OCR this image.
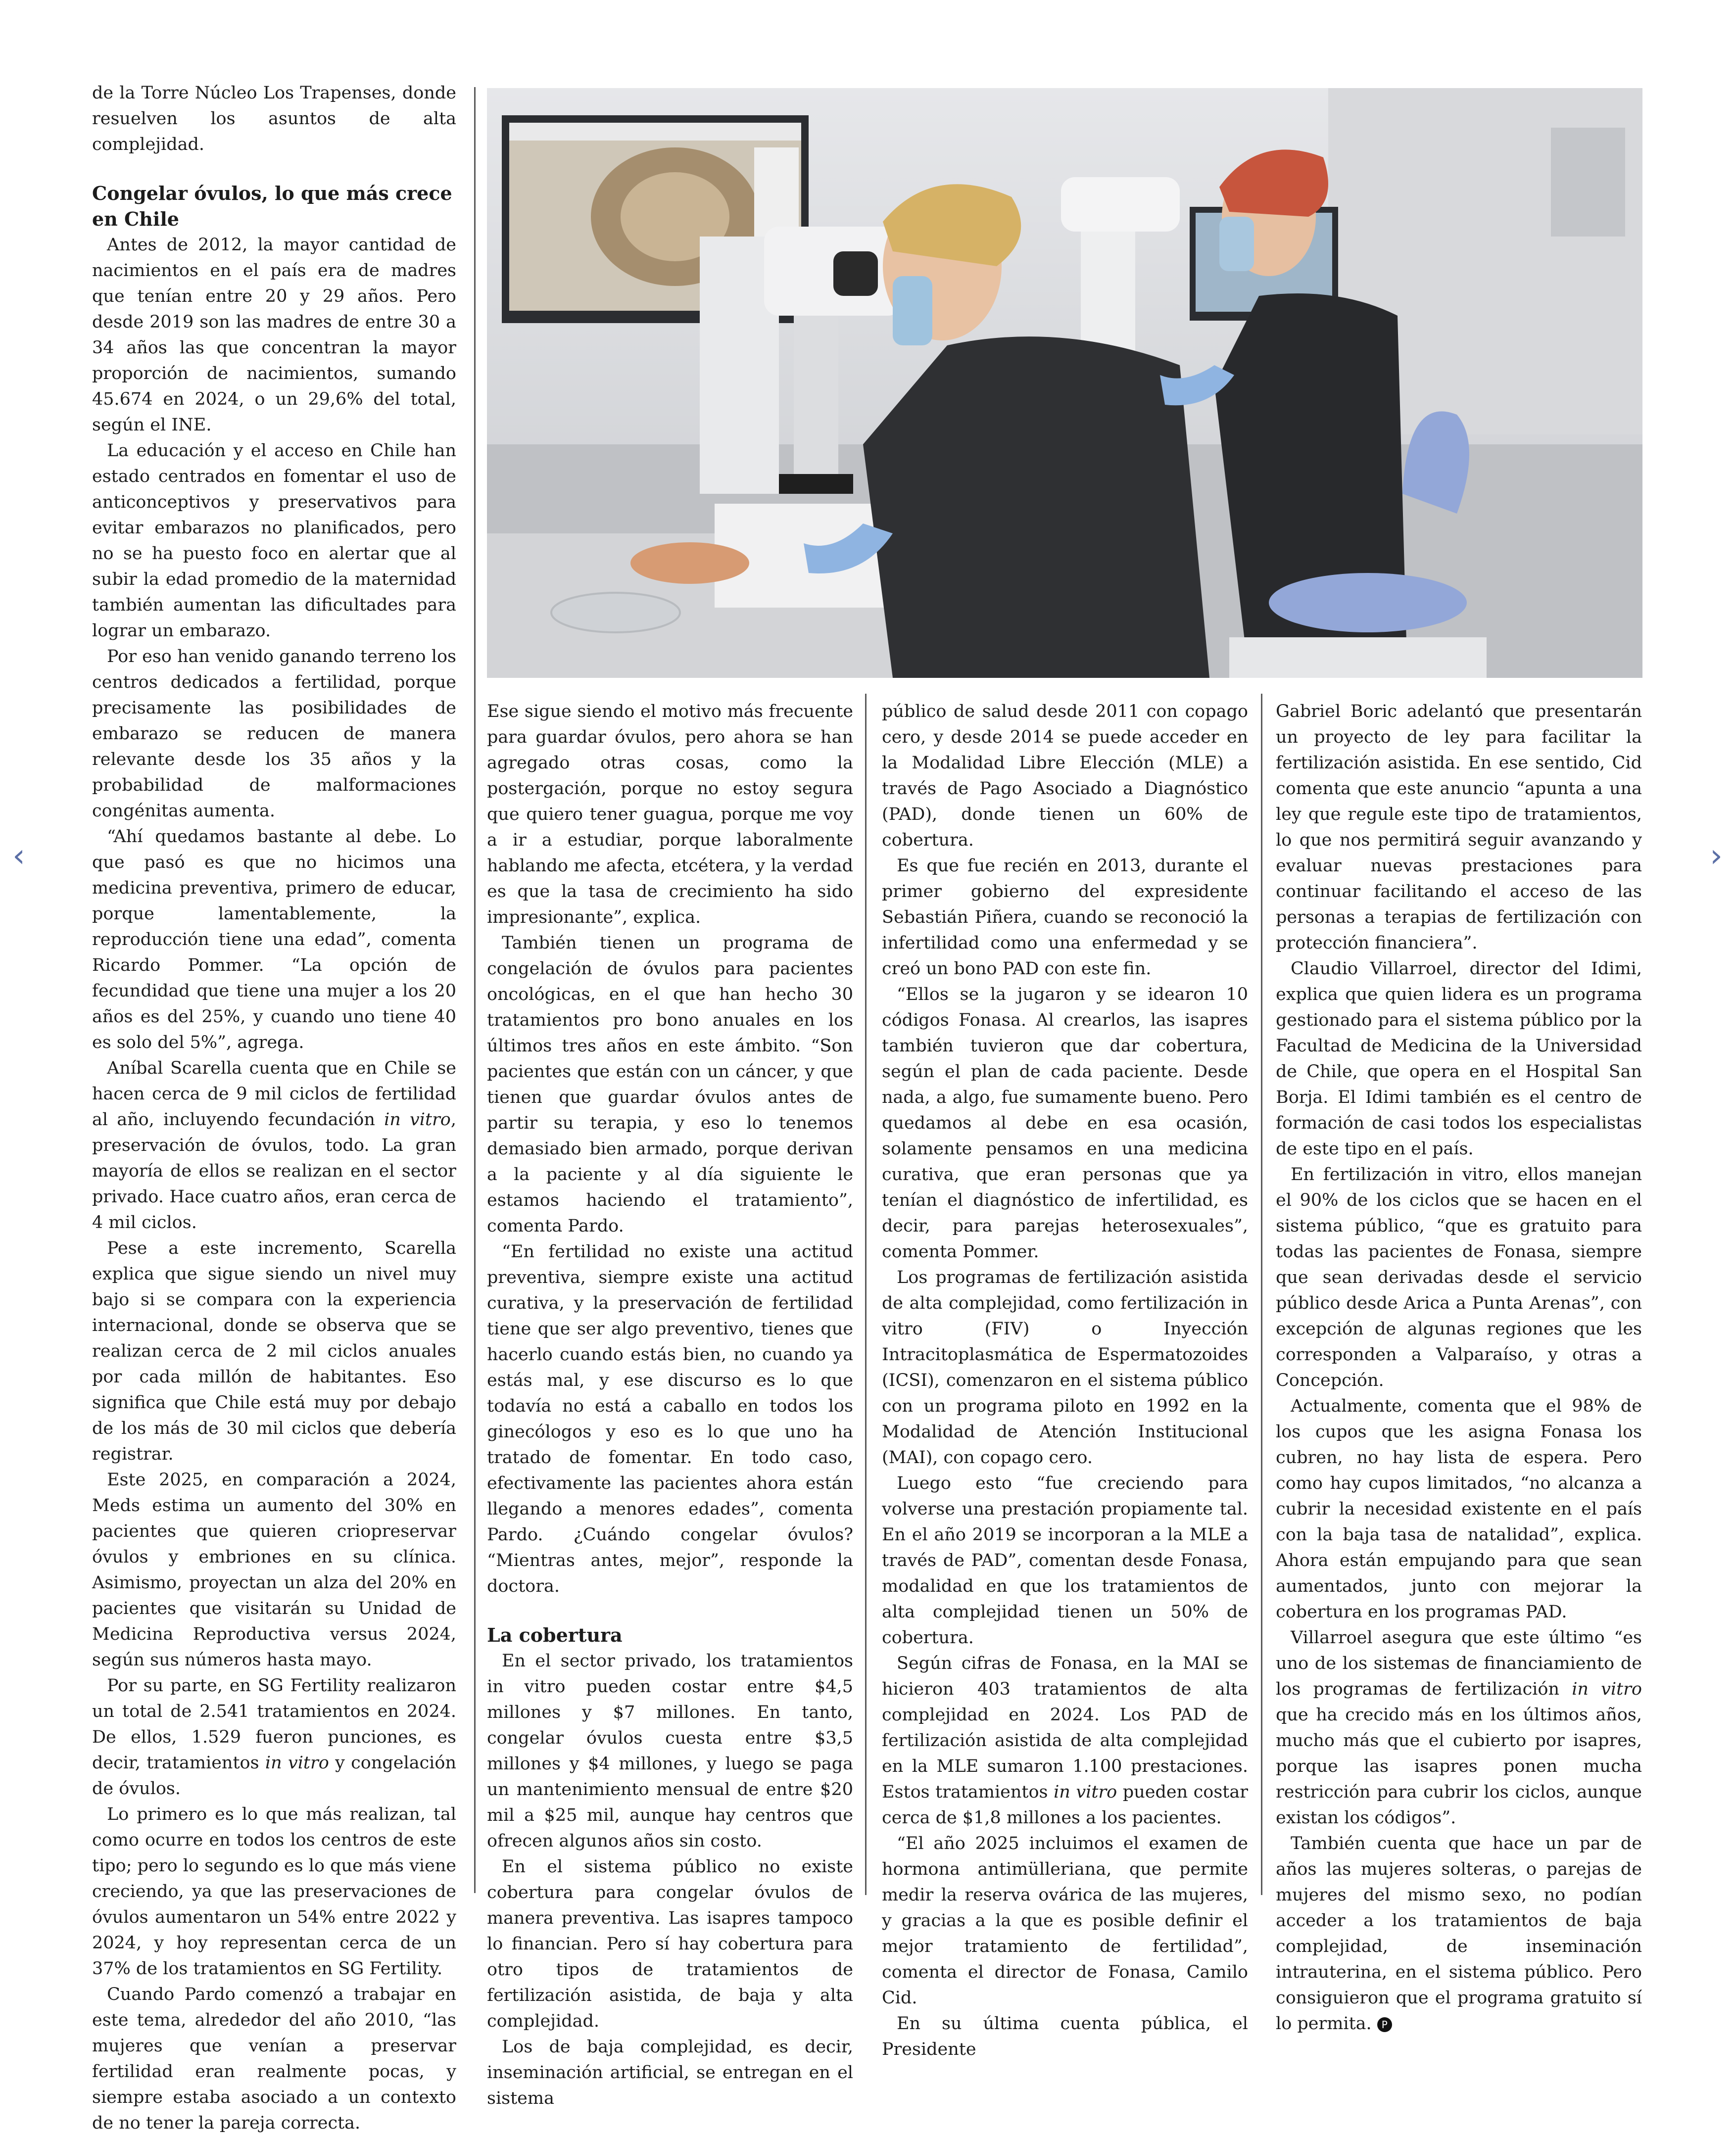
‹	›

de la Torre Núcleo Los Trapenses, donde resuelven los asuntos de alta complejidad.

Congelar óvulos, lo que más crece en Chile

Antes de 2012, la mayor cantidad de nacimientos en el país era de madres que tenían entre 20 y 29 años. Pero desde 2019 son las madres de entre 30 a 34 años las que concentran la mayor proporción de nacimientos, sumando 45.674 en 2024, o un 29,6% del total, según el INE.

La educación y el acceso en Chile han estado centrados en fomentar el uso de anticonceptivos y preservativos para evitar embarazos no planificados, pero no se ha puesto foco en alertar que al subir la edad promedio de la maternidad también aumentan las dificultades para lograr un embarazo.

Por eso han venido ganando terreno los centros dedicados a fertilidad, porque precisamente las posibilidades de embarazo se reducen de manera relevante desde los 35 años y la probabilidad de malformaciones congénitas aumenta.

“Ahí quedamos bastante al debe. Lo que pasó es que no hicimos una medicina preventiva, primero de educar, porque lamentablemente, la reproducción tiene una edad”, comenta Ricardo Pommer. “La opción de fecundidad que tiene una mujer a los 20 años es del 25%, y cuando uno tiene 40 es solo del 5%”, agrega.

Aníbal Scarella cuenta que en Chile se hacen cerca de 9 mil ciclos de fertilidad al año, incluyendo fecundación in vitro, preservación de óvulos, todo. La gran mayoría de ellos se realizan en el sector privado. Hace cuatro años, eran cerca de 4 mil ciclos.

Pese a este incremento, Scarella explica que sigue siendo un nivel muy bajo si se compara con la experiencia internacional, donde se observa que se realizan cerca de 2 mil ciclos anuales por cada millón de habitantes. Eso significa que Chile está muy por debajo de los más de 30 mil ciclos que debería registrar.

Este 2025, en comparación a 2024, Meds estima un aumento del 30% en pacientes que quieren criopreservar óvulos y embriones en su clínica. Asimismo, proyectan un alza del 20% en pacientes que visitarán su Unidad de Medicina Reproductiva versus 2024, según sus números hasta mayo.

Por su parte, en SG Fertility realizaron un total de 2.541 tratamientos en 2024. De ellos, 1.529 fueron punciones, es decir, tratamientos in vitro y congelación de óvulos.

Lo primero es lo que más realizan, tal como ocurre en todos los centros de este tipo; pero lo segundo es lo que más viene creciendo, ya que las preservaciones de óvulos aumentaron un 54% entre 2022 y 2024, y hoy representan cerca de un 37% de los tratamientos en SG Fertility.

Cuando Pardo comenzó a trabajar en este tema, alrededor del año 2010, “las mujeres que venían a preservar fertilidad eran realmente pocas, y siempre estaba asociado a un contexto de no tener la pareja correcta.

Ese sigue siendo el motivo más frecuente para guardar óvulos, pero ahora se han agregado otras cosas, como la postergación, porque no estoy segura que quiero tener guagua, porque me voy a ir a estudiar, porque laboralmente hablando me afecta, etcétera, y la verdad es que la tasa de crecimiento ha sido impresionante”, explica.

También tienen un programa de congelación de óvulos para pacientes oncológicas, en el que han hecho 30 tratamientos pro bono anuales en los últimos tres años en este ámbito. “Son pacientes que están con un cáncer, y que tienen que guardar óvulos antes de partir su terapia, y eso lo tenemos demasiado bien armado, porque derivan a la paciente y al día siguiente le estamos haciendo el tratamiento”, comenta Pardo.

“En fertilidad no existe una actitud preventiva, siempre existe una actitud curativa, y la preservación de fertilidad tiene que ser algo preventivo, tienes que hacerlo cuando estás bien, no cuando ya estás mal, y ese discurso es lo que todavía no está a caballo en todos los ginecólogos y eso es lo que uno ha tratado de fomentar. En todo caso, efectivamente las pacientes ahora están llegando a menores edades”, comenta Pardo. ¿Cuándo congelar óvulos? “Mientras antes, mejor”, responde la doctora.

La cobertura

En el sector privado, los tratamientos in vitro pueden costar entre $4,5 millones y $7 millones. En tanto, congelar óvulos cuesta entre $3,5 millones y $4 millones, y luego se paga un mantenimiento mensual de entre $20 mil a $25 mil, aunque hay centros que ofrecen algunos años sin costo.

En el sistema público no existe cobertura para congelar óvulos de manera preventiva. Las isapres tampoco lo financian. Pero sí hay cobertura para otro tipos de tratamientos de fertilización asistida, de baja y alta complejidad.

Los de baja complejidad, es decir, inseminación artificial, se entregan en el sistema

público de salud desde 2011 con copago cero, y desde 2014 se puede acceder en la Modalidad Libre Elección (MLE) a través de Pago Asociado a Diagnóstico (PAD), donde tienen un 60% de cobertura.

Es que fue recién en 2013, durante el primer gobierno del expresidente Sebastián Piñera, cuando se reconoció la infertilidad como una enfermedad y se creó un bono PAD con este fin.

“Ellos se la jugaron y se idearon 10 códigos Fonasa. Al crearlos, las isapres también tuvieron que dar cobertura, según el plan de cada paciente. Desde nada, a algo, fue sumamente bueno. Pero quedamos al debe en esa ocasión, solamente pensamos en una medicina curativa, que eran personas que ya tenían el diagnóstico de infertilidad, es decir, para parejas heterosexuales”, comenta Pommer.

Los programas de fertilización asistida de alta complejidad, como fertilización in vitro (FIV) o Inyección Intracitoplasmática de Espermatozoides (ICSI), comenzaron en el sistema público con un programa piloto en 1992 en la Modalidad de Atención Institucional (MAI), con copago cero.

Luego esto “fue creciendo para volverse una prestación propiamente tal. En el año 2019 se incorporan a la MLE a través de PAD”, comentan desde Fonasa, modalidad en que los tratamientos de alta complejidad tienen un 50% de cobertura.

Según cifras de Fonasa, en la MAI se hicieron 403 tratamientos de alta complejidad en 2024. Los PAD de fertilización asistida de alta complejidad en la MLE sumaron 1.100 prestaciones. Estos tratamientos in vitro pueden costar cerca de $1,8 millones a los pacientes.

“El año 2025 incluimos el examen de hormona antimülleriana, que permite medir la reserva ovárica de las mujeres, y gracias a la que es posible definir el mejor tratamiento de fertilidad”, comenta el director de Fonasa, Camilo Cid.

En su última cuenta pública, el Presidente

Gabriel Boric adelantó que presentarán un proyecto de ley para facilitar la fertilización asistida. En ese sentido, Cid comenta que este anuncio “apunta a una ley que regule este tipo de tratamientos, lo que nos permitirá seguir avanzando y evaluar nuevas prestaciones para continuar facilitando el acceso de las personas a terapias de fertilización con protección financiera”.

Claudio Villarroel, director del Idimi, explica que quien lidera es un programa gestionado para el sistema público por la Facultad de Medicina de la Universidad de Chile, que opera en el Hospital San Borja. El Idimi también es el centro de formación de casi todos los especialistas de este tipo en el país.

En fertilización in vitro, ellos manejan el 90% de los ciclos que se hacen en el sistema público, “que es gratuito para todas las pacientes de Fonasa, siempre que sean derivadas desde el servicio público desde Arica a Punta Arenas”, con excepción de algunas regiones que les corresponden a Valparaíso, y otras a Concepción.

Actualmente, comenta que el 98% de los cupos que les asigna Fonasa los cubren, no hay lista de espera. Pero como hay cupos limitados, “no alcanza a cubrir la necesidad existente en el país con la baja tasa de natalidad”, explica. Ahora están empujando para que sean aumentados, junto con mejorar la cobertura en los programas PAD.

Villarroel asegura que este último “es uno de los sistemas de financiamiento de los programas de fertilización in vitro que ha crecido más en los últimos años, mucho más que el cubierto por isapres, porque las isapres ponen mucha restricción para cubrir los ciclos, aunque existan los códigos”.

También cuenta que hace un par de años las mujeres solteras, o parejas de mujeres del mismo sexo, no podían acceder a los tratamientos de baja complejidad, de inseminación intrauterina, en el sistema público. Pero consiguieron que el programa gratuito sí lo permita. P
